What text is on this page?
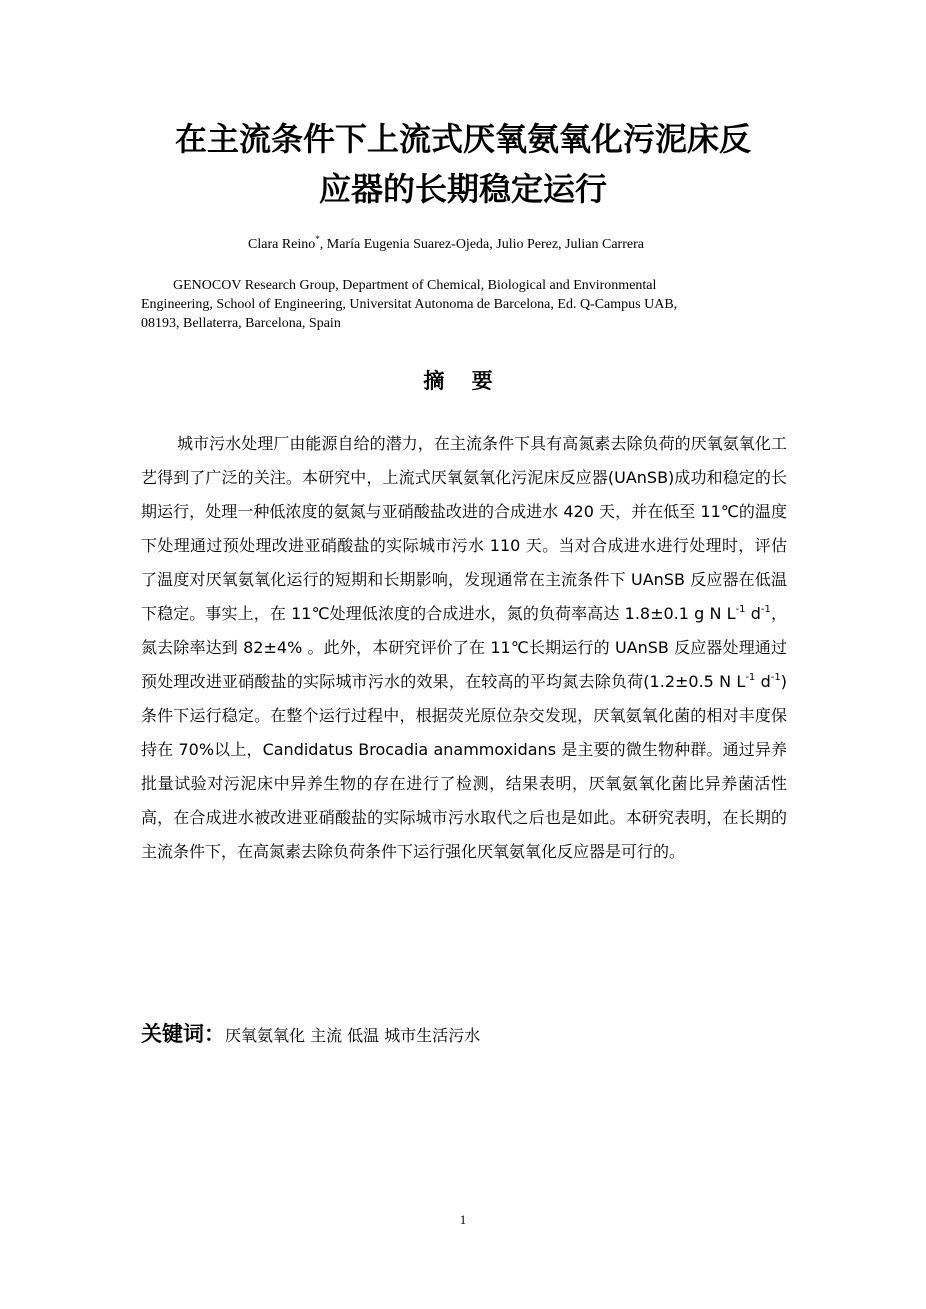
在主流条件下上流式厌氧氨氧化污泥床反
应器的长期稳定运行
Clara Reino*, María Eugenia Suarez-Ojeda, Julio Perez, Julian Carrera
GENOCOV Research Group, Department of Chemical, Biological and Environmental
Engineering, School of Engineering, Universitat Autonoma de Barcelona, Ed. Q-Campus UAB,
08193, Bellaterra, Barcelona, Spain
摘 要
城市污水处理厂由能源自给的潜力，在主流条件下具有高氮素去除负荷的厌氧氨氧化工艺得到了广泛的关注。本研究中，上流式厌氧氨氧化污泥床反应器(UAnSB)成功和稳定的长期运行，处理一种低浓度的氨氮与亚硝酸盐改进的合成进水 420 天，并在低至 11℃的温度下处理通过预处理改进亚硝酸盐的实际城市污水 110 天。当对合成进水进行处理时，评估了温度对厌氧氨氧化运行的短期和长期影响，发现通常在主流条件下 UAnSB 反应器在低温下稳定。事实上，在 11℃处理低浓度的合成进水，氮的负荷率高达 1.8±0.1 g N $L^{-1}$ $d^{-1}$，氮去除率达到 82±4% 。此外，本研究评价了在 11℃长期运行的 UAnSB 反应器处理通过预处理改进亚硝酸盐的实际城市污水的效果，在较高的平均氮去除负荷(1.2±0.5 N $L^{-1}$ $d^{-1}$)条件下运行稳定。在整个运行过程中，根据荧光原位杂交发现，厌氧氨氧化菌的相对丰度保持在 70%以上，Candidatus Brocadia anammoxidans 是主要的微生物种群。通过异养批量试验对污泥床中异养生物的存在进行了检测，结果表明，厌氧氨氧化菌比异养菌活性高，在合成进水被改进亚硝酸盐的实际城市污水取代之后也是如此。本研究表明，在长期的主流条件下，在高氮素去除负荷条件下运行强化厌氧氨氧化反应器是可行的。
关键词：厌氧氨氧化 主流 低温 城市生活污水
1
